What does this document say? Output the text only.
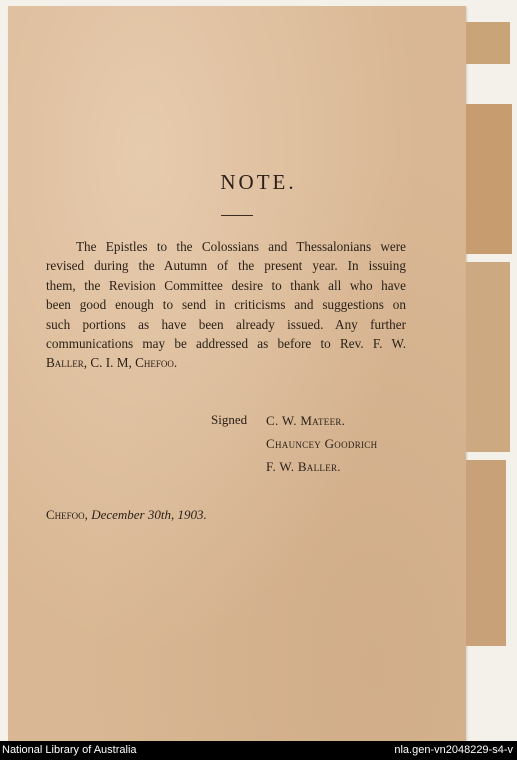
NOTE.
The Epistles to the Colossians and Thessalonians were
revised during the Autumn of the present year. In issuing
them, the Revision Committee desire to thank all who have
been good enough to send in criticisms and suggestions on
such portions as have been already issued. Any further
communications may be addressed as before to Rev. F. W.
Baller, C. I. M, Chefoo.
Signed C. W. Mateer.
Chauncey Goodrich
F. W. Baller.
Chefoo, December 30th, 1903.
National Library of Australia	nla.gen-vn2048229-s4-v
